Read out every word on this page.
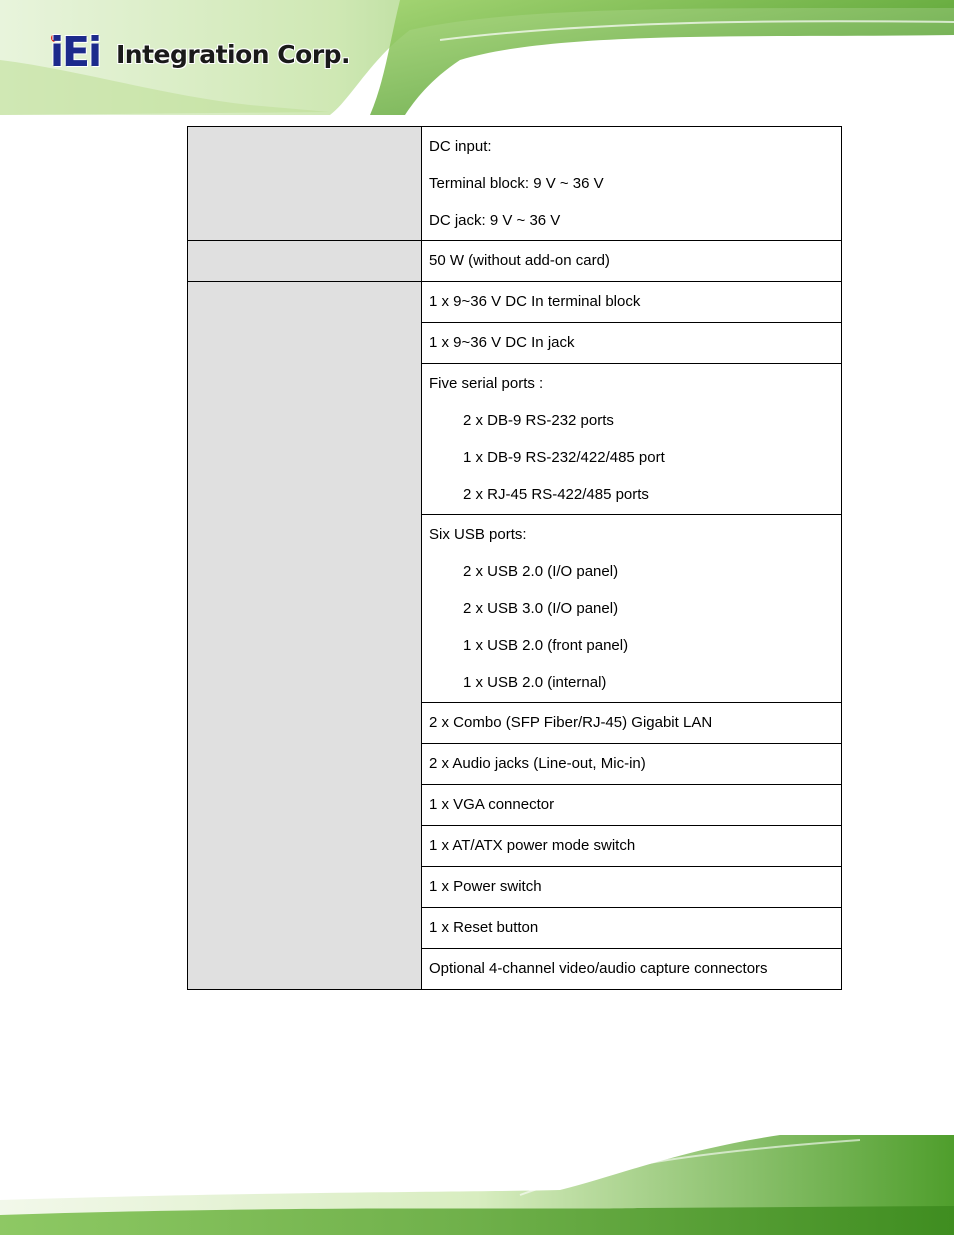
iEi Integration Corp.

	DC input:
Terminal block: 9 V ~ 36 V
DC jack: 9 V ~ 36 V

	50 W (without add-on card)

	1 x 9~36 V DC In terminal block

	1 x 9~36 V DC In jack

	Five serial ports :
2 x DB-9 RS-232 ports
1 x DB-9 RS-232/422/485 port
2 x RJ-45 RS-422/485 ports

	Six USB ports:
2 x USB 2.0 (I/O panel)
2 x USB 3.0 (I/O panel)
1 x USB 2.0 (front panel)
1 x USB 2.0 (internal)

	2 x Combo (SFP Fiber/RJ-45) Gigabit LAN

	2 x Audio jacks (Line-out, Mic-in)

	1 x VGA connector

	1 x AT/ATX power mode switch

	1 x Power switch

	1 x Reset button

	Optional 4-channel video/audio capture connectors
